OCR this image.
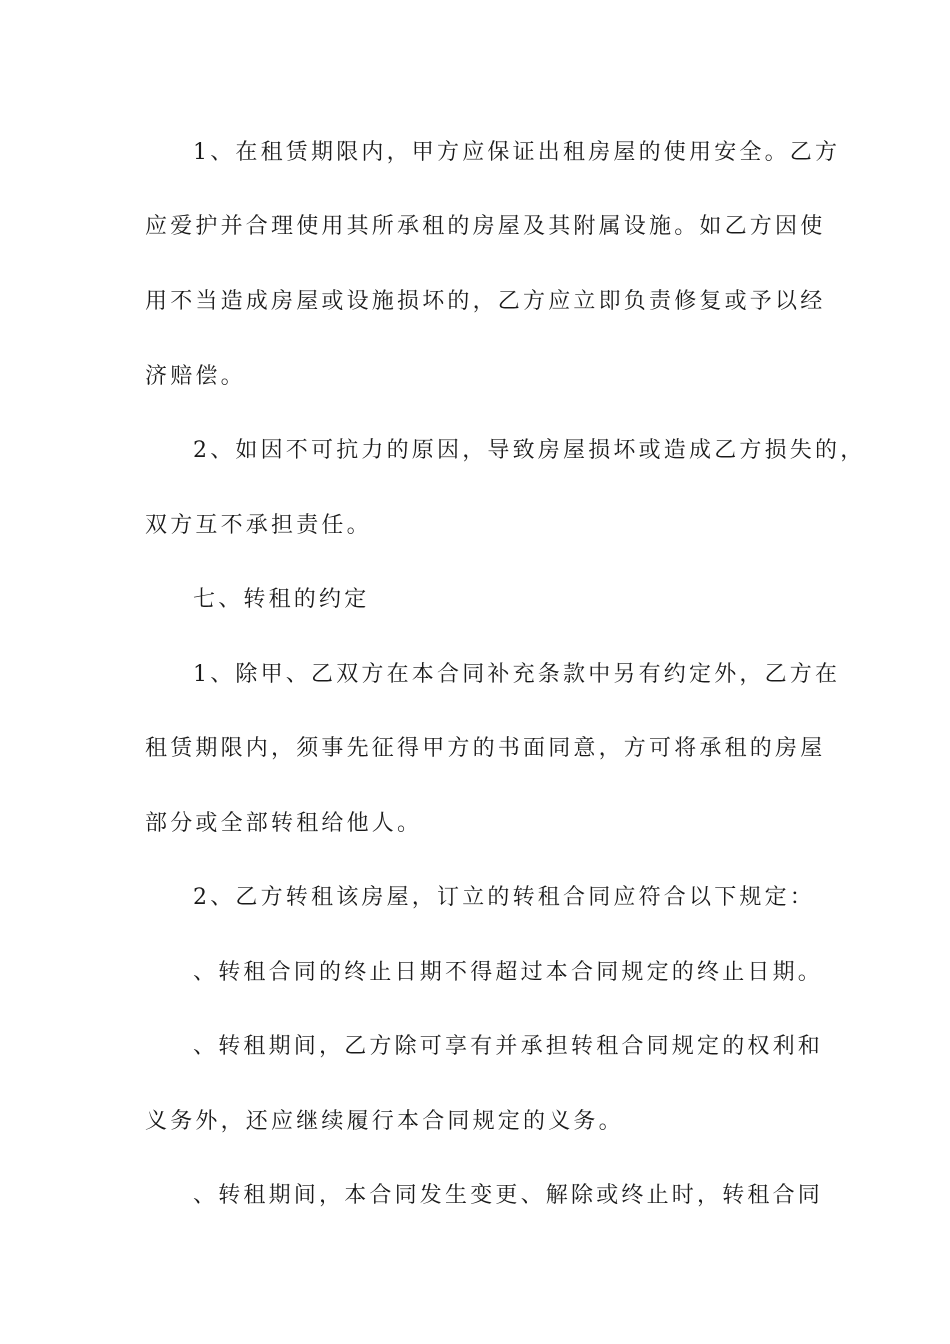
1、在租赁期限内，甲方应保证出租房屋的使用安全。乙方
应爱护并合理使用其所承租的房屋及其附属设施。如乙方因使
用不当造成房屋或设施损坏的，乙方应立即负责修复或予以经
济赔偿。
2、如因不可抗力的原因，导致房屋损坏或造成乙方损失的，
双方互不承担责任。
七、转租的约定
1、除甲、乙双方在本合同补充条款中另有约定外，乙方在
租赁期限内，须事先征得甲方的书面同意，方可将承租的房屋
部分或全部转租给他人。
2、乙方转租该房屋，订立的转租合同应符合以下规定：
、转租合同的终止日期不得超过本合同规定的终止日期。
、转租期间，乙方除可享有并承担转租合同规定的权利和
义务外，还应继续履行本合同规定的义务。
、转租期间，本合同发生变更、解除或终止时，转租合同
